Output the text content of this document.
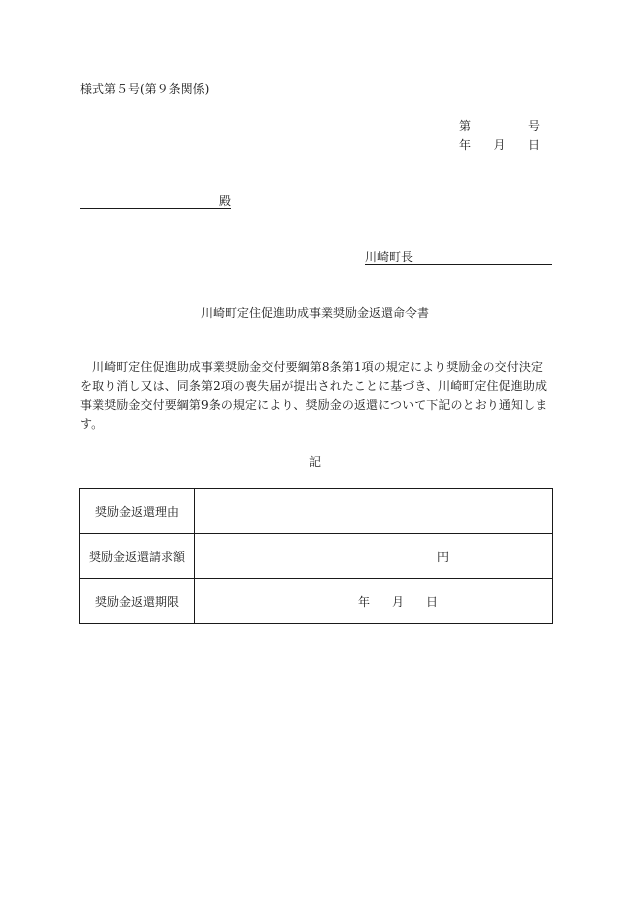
様式第５号(第９条関係)
第	号
年 月 日
殿
川崎町長
川崎町定住促進助成事業奨励金返還命令書
川崎町定住促進助成事業奨励金交付要綱第8条第1項の規定により奨励金の交付決定を取り消し又は、同条第2項の喪失届が提出されたことに基づき、川崎町定住促進助成事業奨励金交付要綱第9条の規定により、奨励金の返還について下記のとおり通知します。
記
奨励金返還理由	
奨励金返還請求額	円

奨励金返還期限	年 月 日
